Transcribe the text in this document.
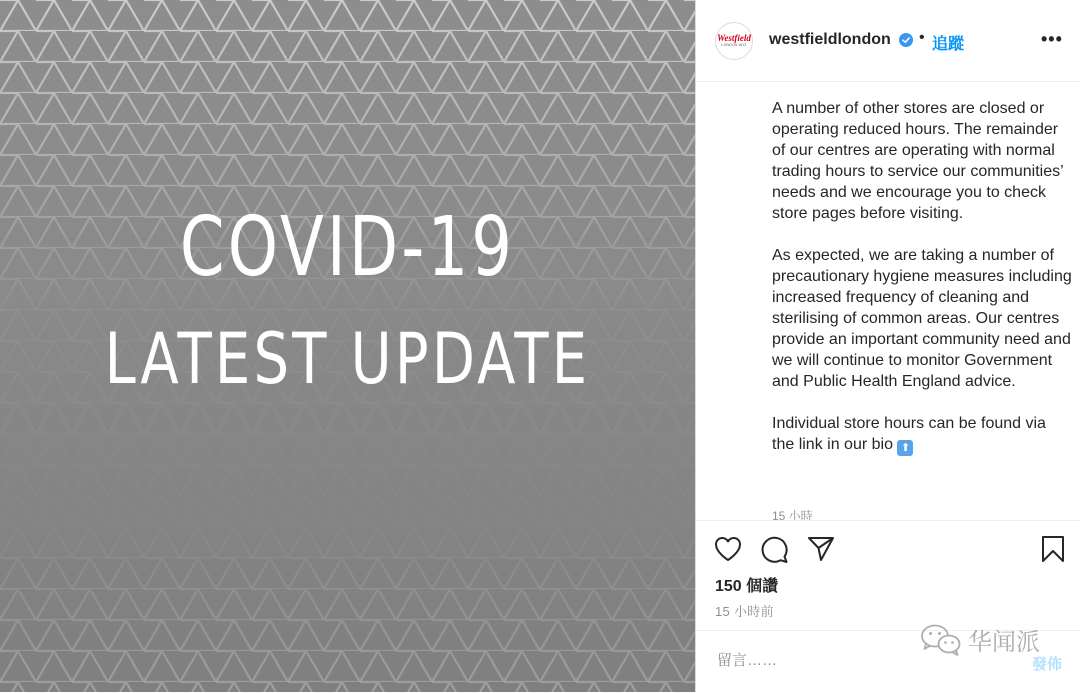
COVID-19
LATEST UPDATE
Westfield
LONDON W12 westfieldlondon • 追蹤	•••

A number of other stores are closed or operating reduced hours. The remainder of our centres are operating with normal trading hours to service our communities’ needs and we encourage you to check store pages before visiting.

As expected, we are taking a number of precautionary hygiene measures including increased frequency of cleaning and sterilising of common areas. Our centres provide an important community need and we will continue to monitor Government and Public Health England advice.

Individual store hours can be found via the link in our bio ⬆

15 小時
150 個讚
15 小時前
留言……
發佈
华闻派
